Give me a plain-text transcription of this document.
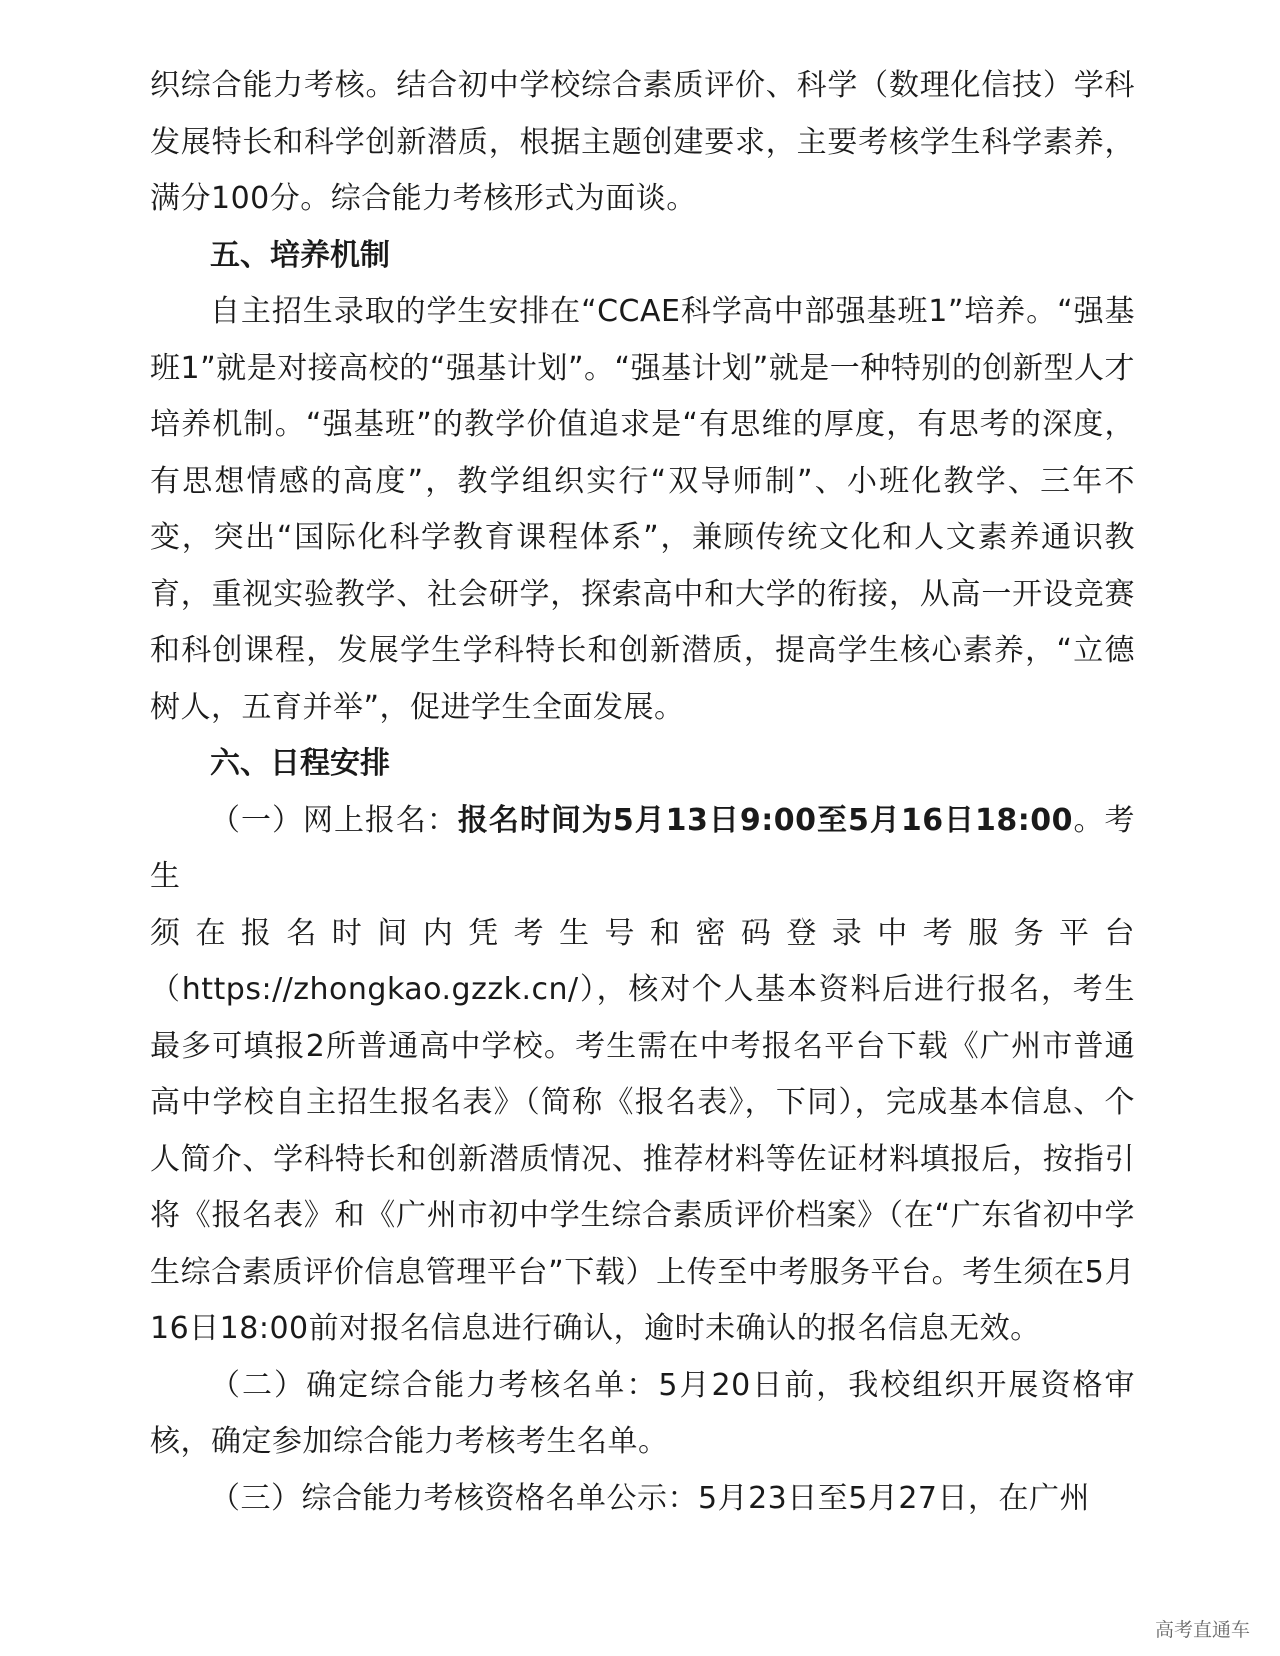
织综合能力考核。结合初中学校综合素质评价、科学（数理化信技）学科发展特长和科学创新潜质，根据主题创建要求，主要考核学生科学素养，满分100分。综合能力考核形式为面谈。

五、培养机制

自主招生录取的学生安排在“CCAE科学高中部强基班1”培养。“强基班1”就是对接高校的“强基计划”。“强基计划”就是一种特别的创新型人才培养机制。“强基班”的教学价值追求是“有思维的厚度，有思考的深度，有思想情感的高度”，教学组织实行“双导师制”、小班化教学、三年不变，突出“国际化科学教育课程体系”，兼顾传统文化和人文素养通识教育，重视实验教学、社会研学，探索高中和大学的衔接，从高一开设竞赛和科创课程，发展学生学科特长和创新潜质，提高学生核心素养，“立德树人，五育并举”，促进学生全面发展。

六、日程安排

（一）网上报名：报名时间为5月13日9:00至5月16日18:00。考生

须在报名时间内凭考生号和密码登录中考服务平台

（https://zhongkao.gzzk.cn/），核对个人基本资料后进行报名，考生最多可填报2所普通高中学校。考生需在中考报名平台下载《广州市普通高中学校自主招生报名表》（简称《报名表》，下同），完成基本信息、个人简介、学科特长和创新潜质情况、推荐材料等佐证材料填报后，按指引将《报名表》和《广州市初中学生综合素质评价档案》（在“广东省初中学生综合素质评价信息管理平台”下载）上传至中考服务平台。考生须在5月16日18:00前对报名信息进行确认，逾时未确认的报名信息无效。

（二）确定综合能力考核名单：5月20日前，我校组织开展资格审核，确定参加综合能力考核考生名单。

（三）综合能力考核资格名单公示：5月23日至5月27日，在广州

高考直通车
